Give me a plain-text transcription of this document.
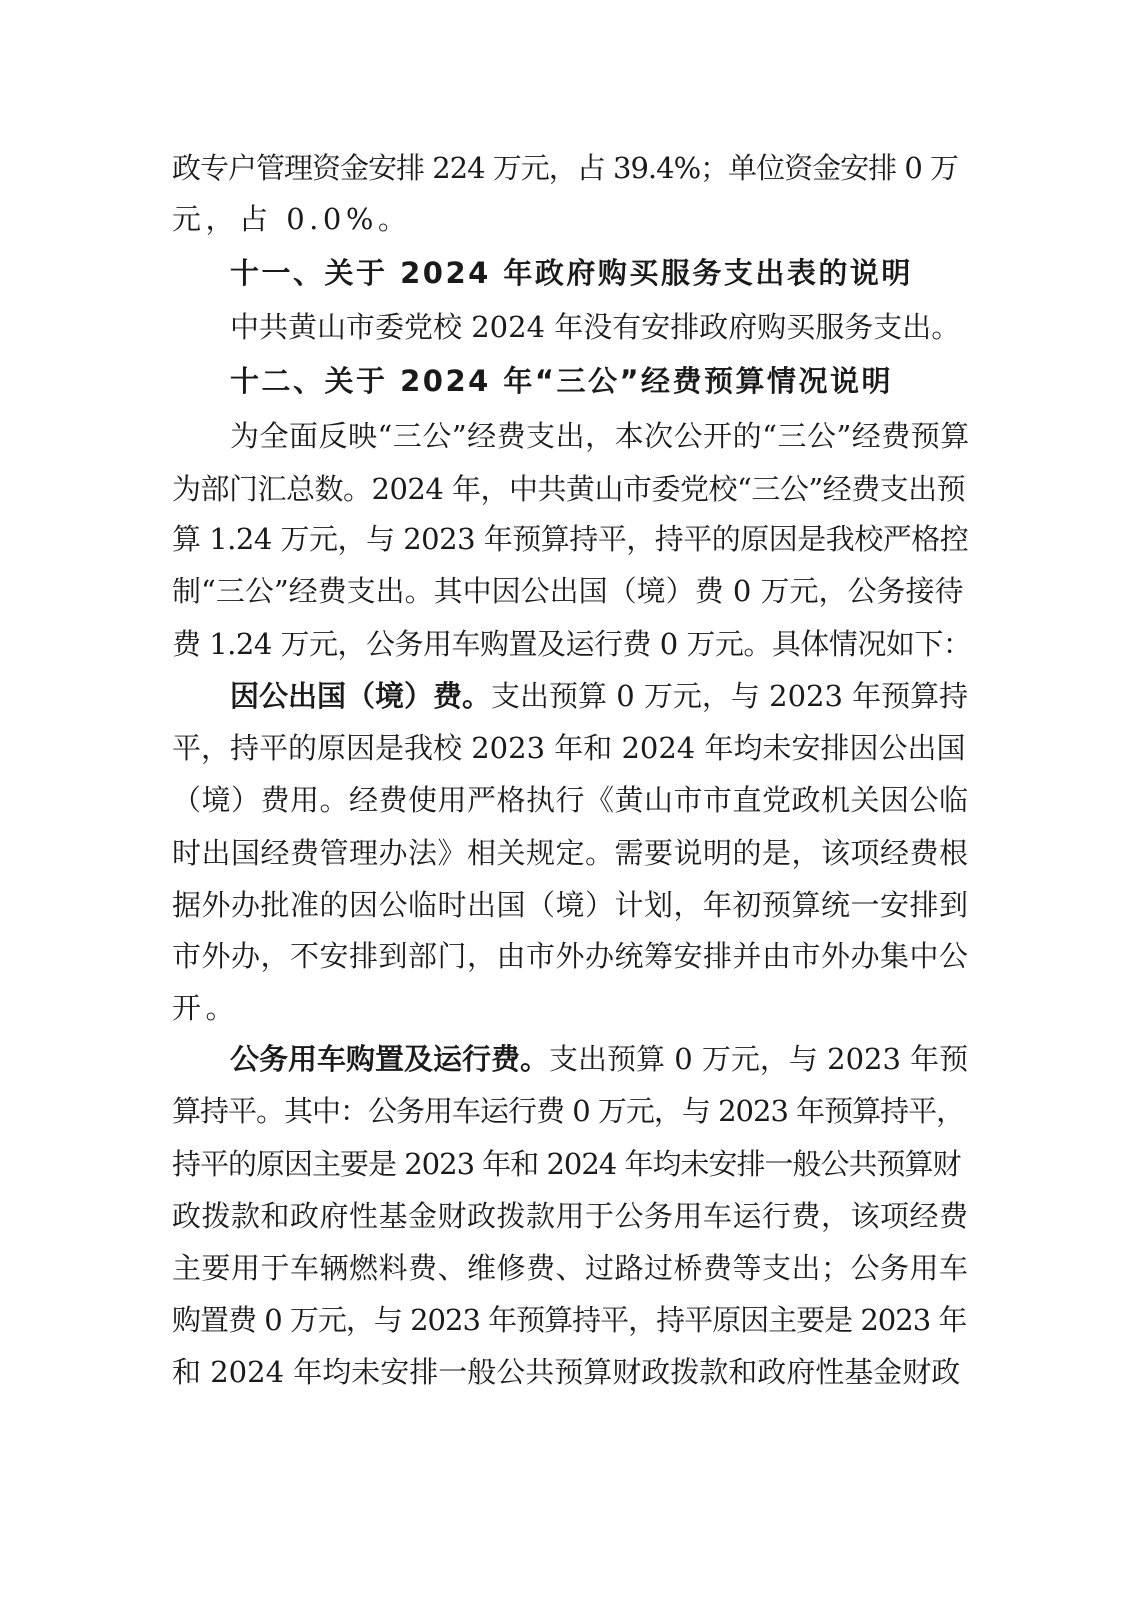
政专户管理资金安排 224 万元，占 39.4%；单位资金安排 0 万
元，占 0.0%。
十一、关于 2024 年政府购买服务支出表的说明
中共黄山市委党校 2024 年没有安排政府购买服务支出。
十二、关于 2024 年“三公”经费预算情况说明
为全面反映“三公”经费支出，本次公开的“三公”经费预算
为部门汇总数。2024 年，中共黄山市委党校“三公”经费支出预
算 1.24 万元，与 2023 年预算持平，持平的原因是我校严格控
制“三公”经费支出。其中因公出国（境）费 0 万元，公务接待
费 1.24 万元，公务用车购置及运行费 0 万元。具体情况如下：
因公出国（境）费。支出预算 0 万元，与 2023 年预算持
平，持平的原因是我校 2023 年和 2024 年均未安排因公出国
（境）费用。经费使用严格执行《黄山市市直党政机关因公临
时出国经费管理办法》相关规定。需要说明的是，该项经费根
据外办批准的因公临时出国（境）计划，年初预算统一安排到
市外办，不安排到部门，由市外办统筹安排并由市外办集中公
开。
公务用车购置及运行费。支出预算 0 万元，与 2023 年预
算持平。其中：公务用车运行费 0 万元，与 2023 年预算持平，
持平的原因主要是 2023 年和 2024 年均未安排一般公共预算财
政拨款和政府性基金财政拨款用于公务用车运行费，该项经费
主要用于车辆燃料费、维修费、过路过桥费等支出；公务用车
购置费 0 万元，与 2023 年预算持平，持平原因主要是 2023 年
和 2024 年均未安排一般公共预算财政拨款和政府性基金财政
